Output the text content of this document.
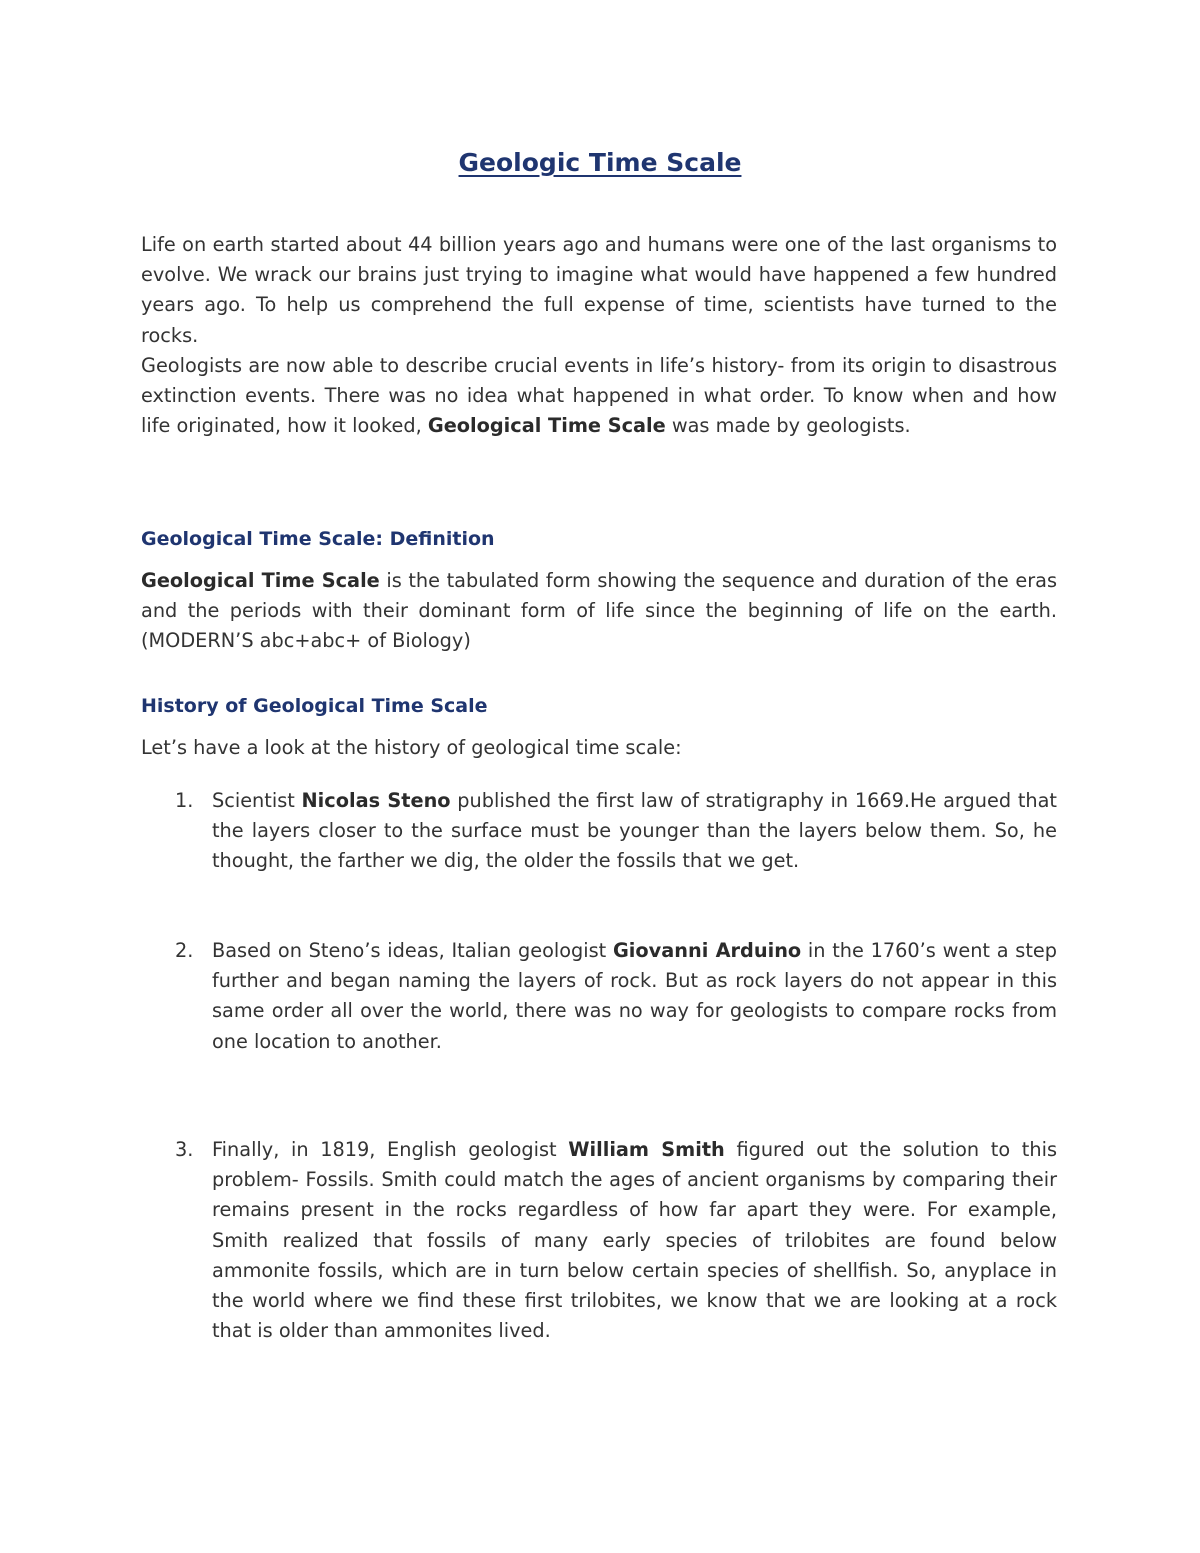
Geologic Time Scale

Life on earth started about 44 billion years ago and humans were one of the last organisms to evolve. We wrack our brains just trying to imagine what would have happened a few hundred years ago. To help us comprehend the full expense of time, scientists have turned to the rocks.

Geologists are now able to describe crucial events in life’s history- from its origin to disastrous extinction events. There was no idea what happened in what order. To know when and how life originated, how it looked, Geological Time Scale was made by geologists.

Geological Time Scale: Definition

Geological Time Scale is the tabulated form showing the sequence and duration of the eras and the periods with their dominant form of life since the beginning of life on the earth. (MODERN’S abc+abc+ of Biology)

History of Geological Time Scale

Let’s have a look at the history of geological time scale:

1. Scientist Nicolas Steno published the first law of stratigraphy in 1669.He argued that the layers closer to the surface must be younger than the layers below them. So, he thought, the farther we dig, the older the fossils that we get.

2. Based on Steno’s ideas, Italian geologist Giovanni Arduino in the 1760’s went a step further and began naming the layers of rock. But as rock layers do not appear in this same order all over the world, there was no way for geologists to compare rocks from one location to another.

3. Finally, in 1819, English geologist William Smith figured out the solution to this problem- Fossils. Smith could match the ages of ancient organisms by comparing their remains present in the rocks regardless of how far apart they were. For example, Smith realized that fossils of many early species of trilobites are found below ammonite fossils, which are in turn below certain species of shellfish. So, anyplace in the world where we find these first trilobites, we know that we are looking at a rock that is older than ammonites lived.
